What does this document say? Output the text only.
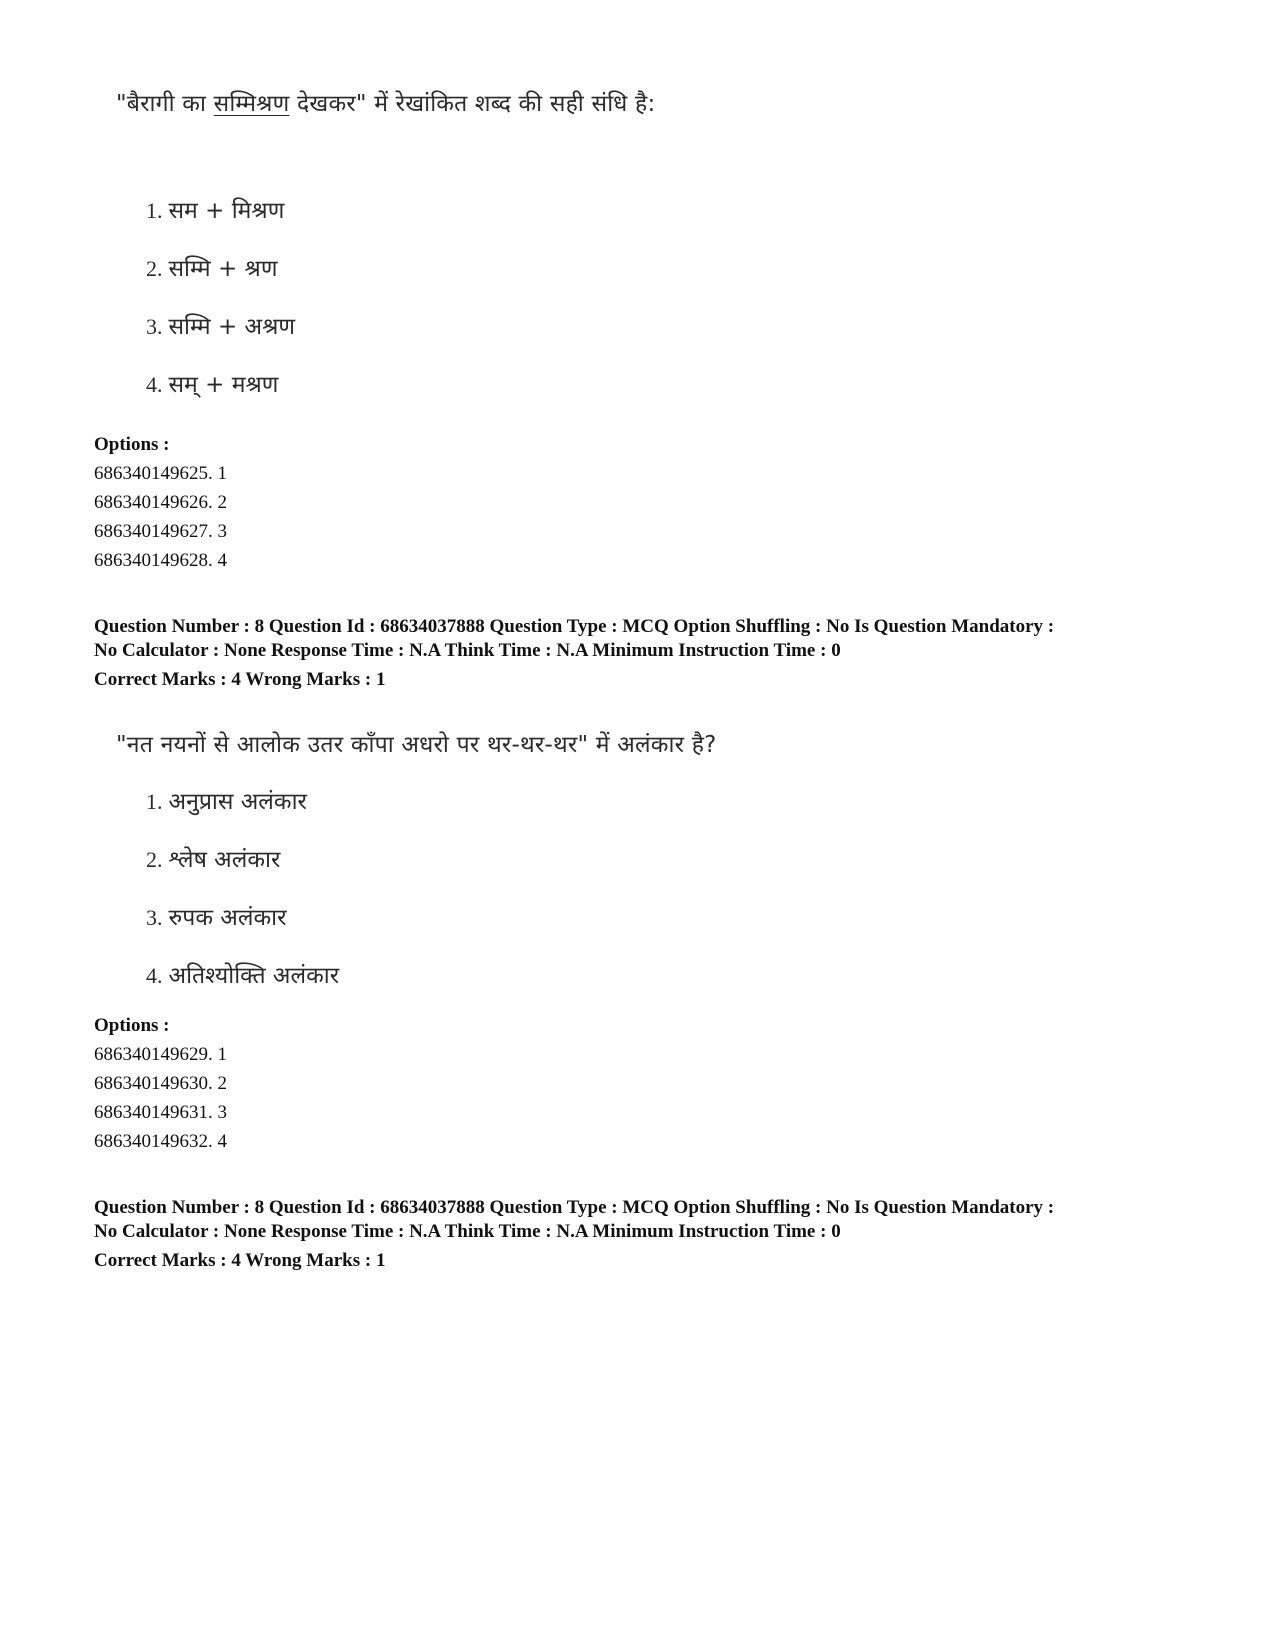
"बैरागी का सम्मिश्रण देखकर" में रेखांकित शब्द की सही संधि है:
1. सम + मिश्रण
2. सम्मि + श्रण
3. सम्मि + अश्रण
4. सम् + मश्रण
Options :
686340149625. 1
686340149626. 2
686340149627. 3
686340149628. 4
Question Number : 8 Question Id : 68634037888 Question Type : MCQ Option Shuffling : No Is Question Mandatory :
No Calculator : None Response Time : N.A Think Time : N.A Minimum Instruction Time : 0
Correct Marks : 4 Wrong Marks : 1
"नत नयनों से आलोक उतर काँपा अधरो पर थर-थर-थर" में अलंकार है?
1. अनुप्रास अलंकार
2. श्लेष अलंकार
3. रुपक अलंकार
4. अतिश्योक्ति अलंकार
Options :
686340149629. 1
686340149630. 2
686340149631. 3
686340149632. 4
Question Number : 8 Question Id : 68634037888 Question Type : MCQ Option Shuffling : No Is Question Mandatory :
No Calculator : None Response Time : N.A Think Time : N.A Minimum Instruction Time : 0
Correct Marks : 4 Wrong Marks : 1
